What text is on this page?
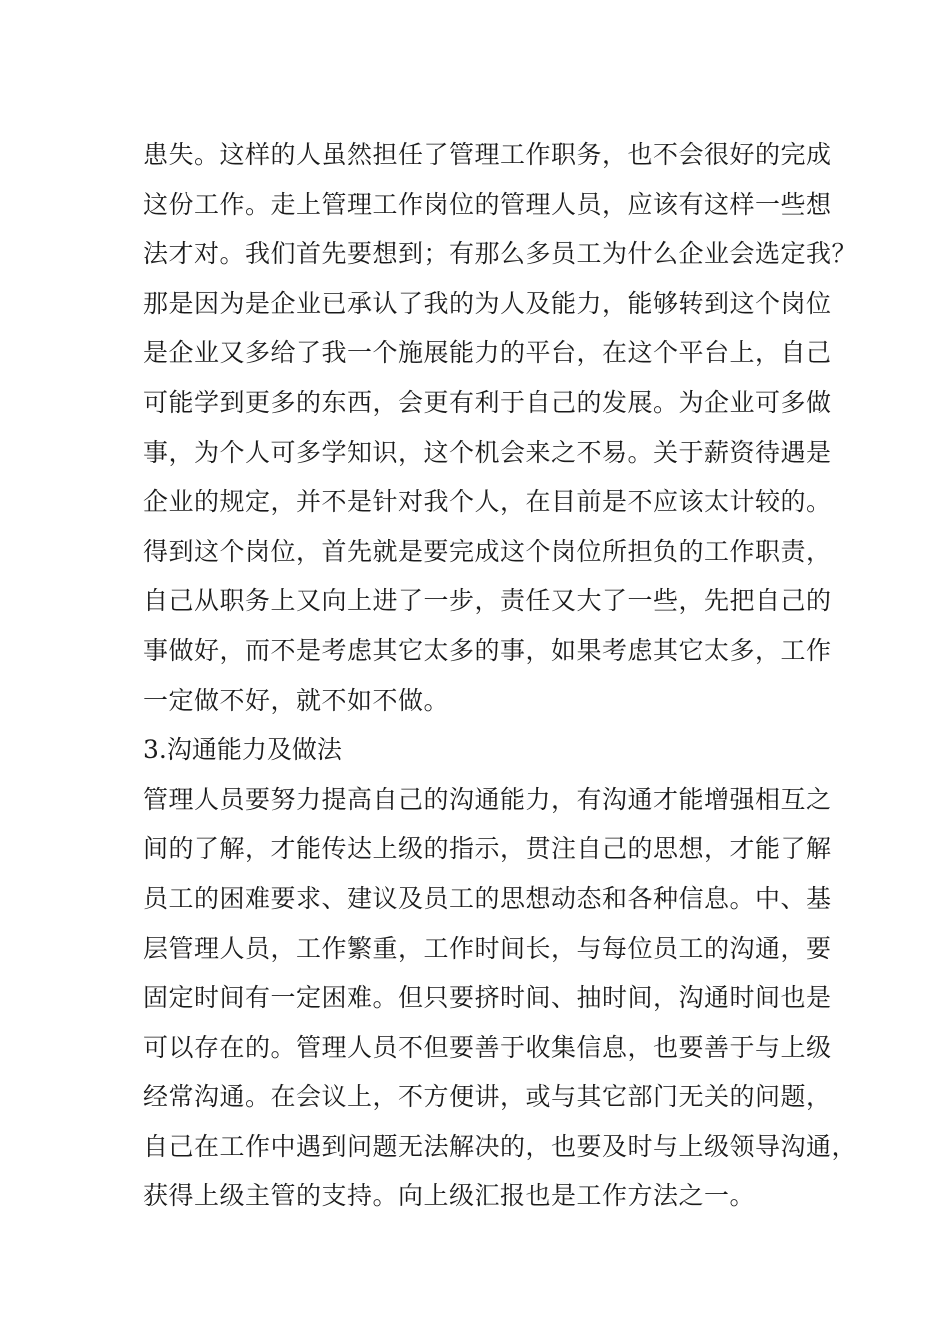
患失。这样的人虽然担任了管理工作职务，也不会很好的完成
这份工作。走上管理工作岗位的管理人员，应该有这样一些想
法才对。我们首先要想到；有那么多员工为什么企业会选定我？
那是因为是企业已承认了我的为人及能力，能够转到这个岗位
是企业又多给了我一个施展能力的平台，在这个平台上，自己
可能学到更多的东西，会更有利于自己的发展。为企业可多做
事，为个人可多学知识，这个机会来之不易。关于薪资待遇是
企业的规定，并不是针对我个人，在目前是不应该太计较的。
得到这个岗位，首先就是要完成这个岗位所担负的工作职责，
自己从职务上又向上进了一步，责任又大了一些，先把自己的
事做好，而不是考虑其它太多的事，如果考虑其它太多，工作
一定做不好，就不如不做。
3.沟通能力及做法
管理人员要努力提高自己的沟通能力，有沟通才能增强相互之
间的了解，才能传达上级的指示，贯注自己的思想，才能了解
员工的困难要求、建议及员工的思想动态和各种信息。中、基
层管理人员，工作繁重，工作时间长，与每位员工的沟通，要
固定时间有一定困难。但只要挤时间、抽时间，沟通时间也是
可以存在的。管理人员不但要善于收集信息，也要善于与上级
经常沟通。在会议上，不方便讲，或与其它部门无关的问题，
自己在工作中遇到问题无法解决的，也要及时与上级领导沟通，
获得上级主管的支持。向上级汇报也是工作方法之一。
